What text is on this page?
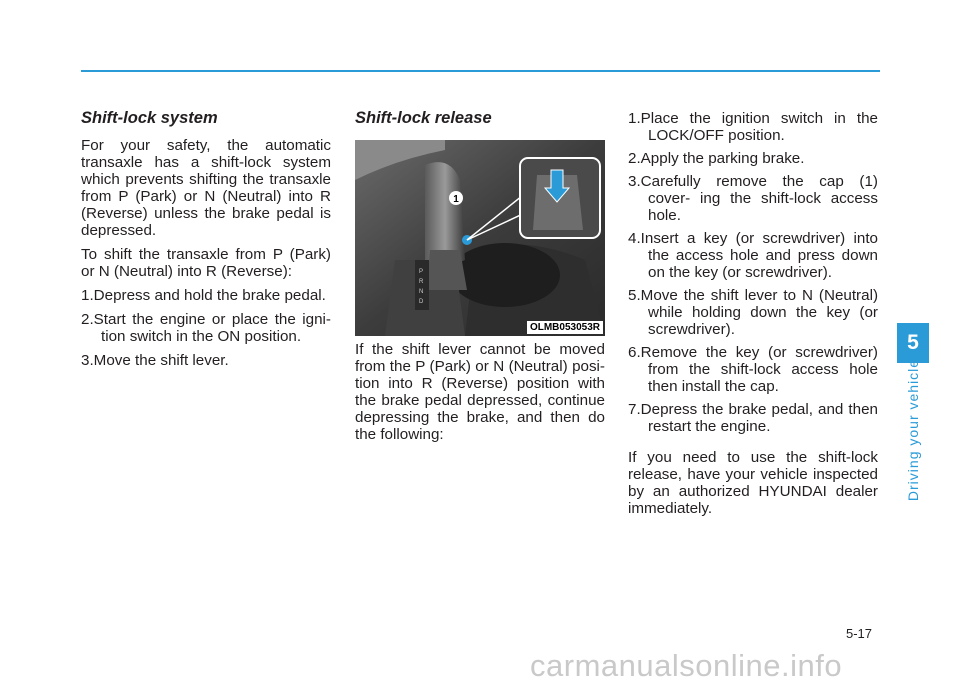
Shift-lock system

For your safety, the automatic transaxle has a shift-lock system which prevents shifting the transaxle from P (Park) or N (Neutral) into R (Reverse) unless the brake pedal is depressed.

To shift the transaxle from P (Park) or N (Neutral) into R (Reverse):

1.Depress and hold the brake pedal.
2.Start the engine or place the igni- tion switch in the ON position.
3.Move the shift lever.
Shift-lock release
P
R
N
D
1
OLMB053053R

If the shift lever cannot be moved from the P (Park) or N (Neutral) posi- tion into R (Reverse) position with the brake pedal depressed, continue depressing the brake, and then do the following:

1.Place the ignition switch in the LOCK/OFF position.
2.Apply the parking brake.
3.Carefully remove the cap (1) cover- ing the shift-lock access hole.
4.Insert a key (or screwdriver) into the access hole and press down on the key (or screwdriver).
5.Move the shift lever to N (Neutral) while holding down the key (or screwdriver).
6.Remove the key (or screwdriver) from the shift-lock access hole then install the cap.
7.Depress the brake pedal, and then restart the engine.

If you need to use the shift-lock release, have your vehicle inspected by an authorized HYUNDAI dealer immediately.

5
Driving your vehicle
5-17
carmanualsonline.info
